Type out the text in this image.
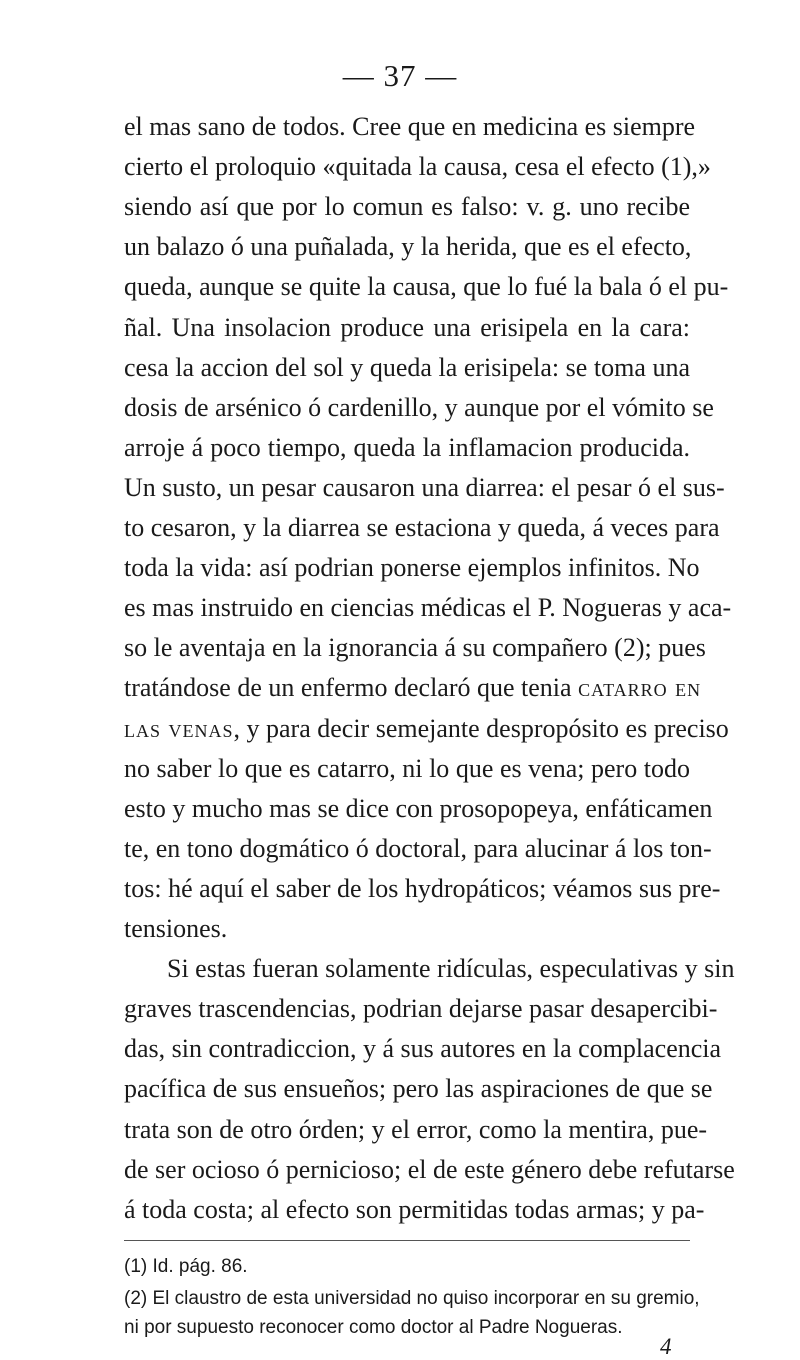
— 37 —
el mas sano de todos. Cree que en medicina es siempre
cierto el proloquio «quitada la causa, cesa el efecto (1),»
siendo así que por lo comun es falso: v. g. uno recibe
un balazo ó una puñalada, y la herida, que es el efecto,
queda, aunque se quite la causa, que lo fué la bala ó el pu-
ñal. Una insolacion produce una erisipela en la cara:
cesa la accion del sol y queda la erisipela: se toma una
dosis de arsénico ó cardenillo, y aunque por el vómito se
arroje á poco tiempo, queda la inflamacion producida.
Un susto, un pesar causaron una diarrea: el pesar ó el sus-
to cesaron, y la diarrea se estaciona y queda, á veces para
toda la vida: así podrian ponerse ejemplos infinitos. No
es mas instruido en ciencias médicas el P. Nogueras y aca-
so le aventaja en la ignorancia á su compañero (2); pues
tratándose de un enfermo declaró que tenia catarro en
las venas, y para decir semejante despropósito es preciso
no saber lo que es catarro, ni lo que es vena; pero todo
esto y mucho mas se dice con prosopopeya, enfáticamen
te, en tono dogmático ó doctoral, para alucinar á los ton-
tos: hé aquí el saber de los hydropáticos; véamos sus pre-
tensiones.
Si estas fueran solamente ridículas, especulativas y sin
graves trascendencias, podrian dejarse pasar desapercibi-
das, sin contradiccion, y á sus autores en la complacencia
pacífica de sus ensueños; pero las aspiraciones de que se
trata son de otro órden; y el error, como la mentira, pue-
de ser ocioso ó pernicioso; el de este género debe refutarse
á toda costa; al efecto son permitidas todas armas; y pa-
(1) Id. pág. 86.
(2) El claustro de esta universidad no quiso incorporar en su gremio,
ni por supuesto reconocer como doctor al Padre Nogueras.
4
